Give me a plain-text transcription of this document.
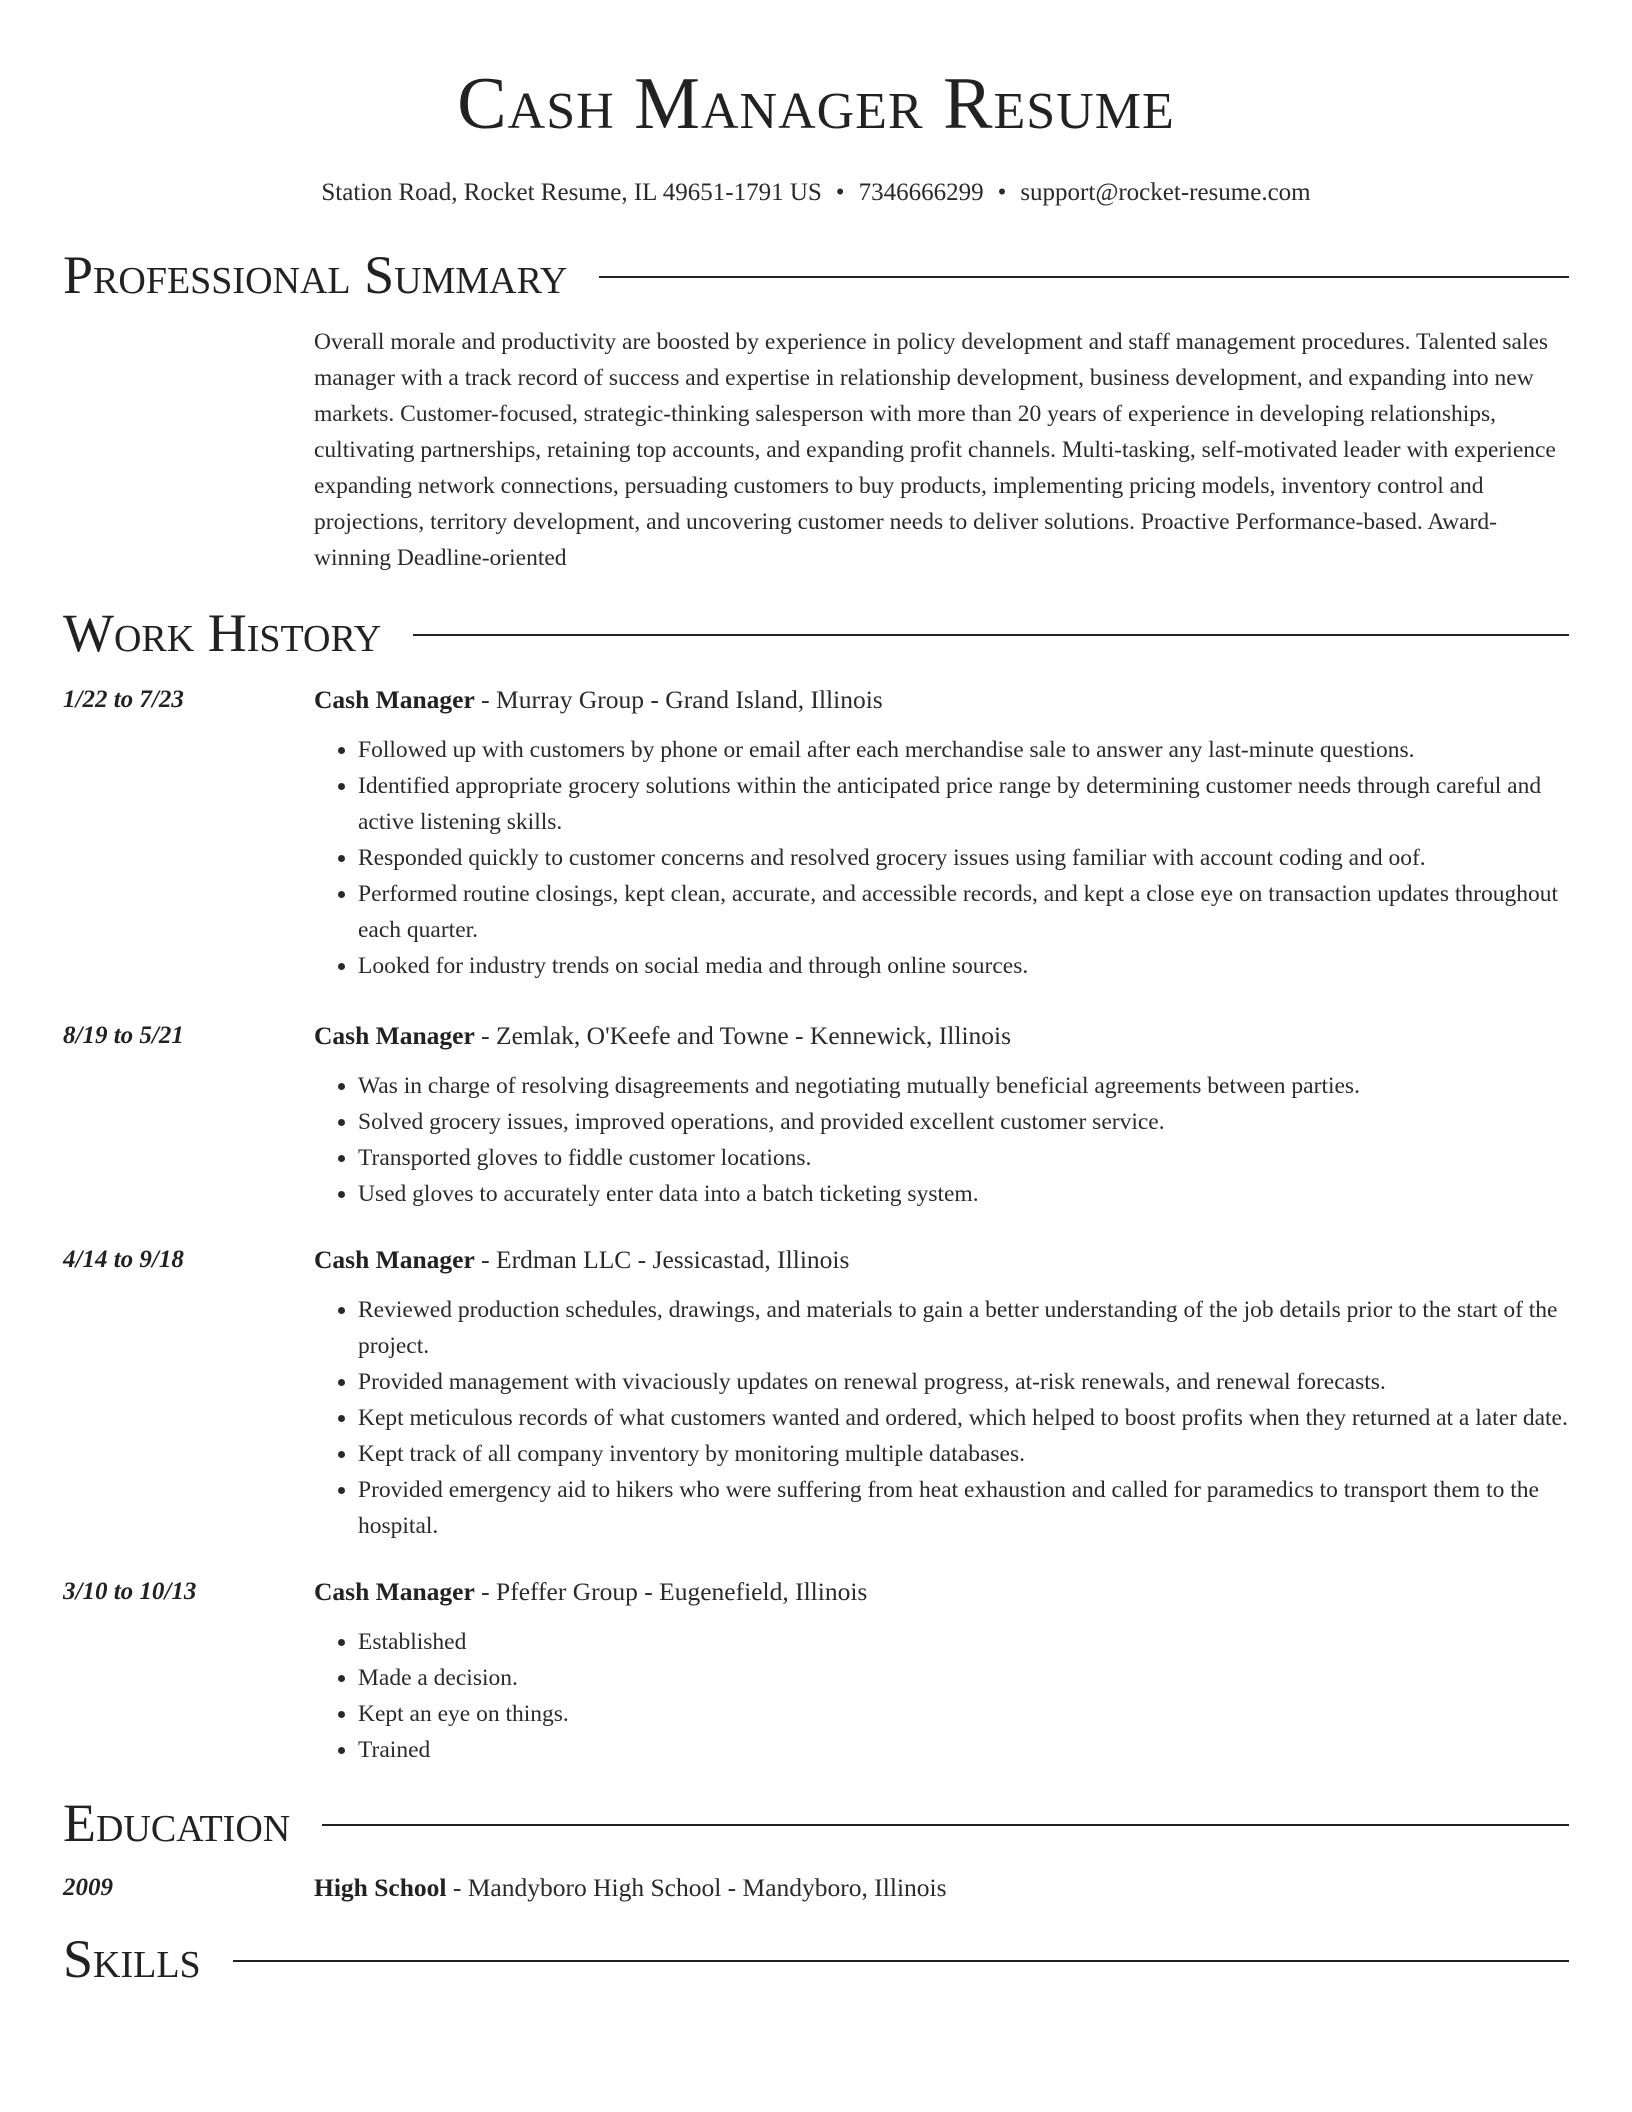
Cash Manager Resume
Station Road, Rocket Resume, IL 49651-1791 US • 7346666299 • support@rocket-resume.com
Professional Summary

Overall morale and productivity are boosted by experience in policy development and staff management procedures. Talented sales manager with a track record of success and expertise in relationship development, business development, and expanding into new markets. Customer-focused, strategic-thinking salesperson with more than 20 years of experience in developing relationships, cultivating partnerships, retaining top accounts, and expanding profit channels. Multi-tasking, self-motivated leader with experience expanding network connections, persuading customers to buy products, implementing pricing models, inventory control and projections, territory development, and uncovering customer needs to deliver solutions. Proactive Performance-based. Award-winning Deadline-oriented

Work History
1/22 to 7/23	Cash Manager - Murray Group - Grand Island, Illinois
• Followed up with customers by phone or email after each merchandise sale to answer any last-minute questions.
• Identified appropriate grocery solutions within the anticipated price range by determining customer needs through careful and active listening skills.
• Responded quickly to customer concerns and resolved grocery issues using familiar with account coding and oof.
• Performed routine closings, kept clean, accurate, and accessible records, and kept a close eye on transaction updates throughout each quarter.
• Looked for industry trends on social media and through online sources.
8/19 to 5/21	Cash Manager - Zemlak, O'Keefe and Towne - Kennewick, Illinois
• Was in charge of resolving disagreements and negotiating mutually beneficial agreements between parties.
• Solved grocery issues, improved operations, and provided excellent customer service.
• Transported gloves to fiddle customer locations.
• Used gloves to accurately enter data into a batch ticketing system.
4/14 to 9/18	Cash Manager - Erdman LLC - Jessicastad, Illinois
• Reviewed production schedules, drawings, and materials to gain a better understanding of the job details prior to the start of the project.
• Provided management with vivaciously updates on renewal progress, at-risk renewals, and renewal forecasts.
• Kept meticulous records of what customers wanted and ordered, which helped to boost profits when they returned at a later date.
• Kept track of all company inventory by monitoring multiple databases.
• Provided emergency aid to hikers who were suffering from heat exhaustion and called for paramedics to transport them to the hospital.
3/10 to 10/13	Cash Manager - Pfeffer Group - Eugenefield, Illinois
• Established
• Made a decision.
• Kept an eye on things.
• Trained
Education
2009	High School - Mandyboro High School - Mandyboro, Illinois
Skills
